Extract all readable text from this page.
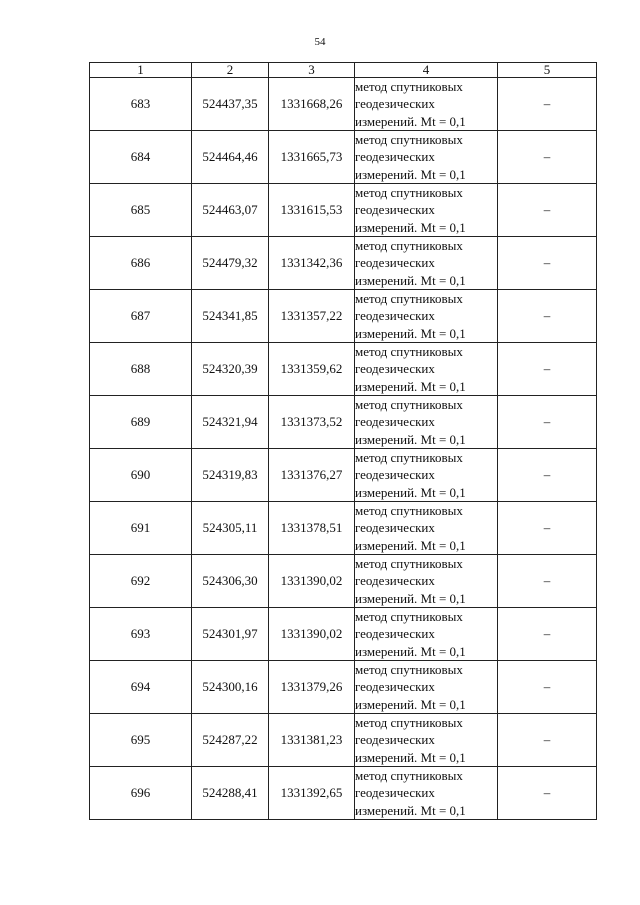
54
1	2	3	4	5
683	524437,35	1331668,26	метод спутниковых
геодезических
измерений. Mt = 0,1	–
684	524464,46	1331665,73	метод спутниковых
геодезических
измерений. Mt = 0,1	–
685	524463,07	1331615,53	метод спутниковых
геодезических
измерений. Mt = 0,1	–
686	524479,32	1331342,36	метод спутниковых
геодезических
измерений. Mt = 0,1	–
687	524341,85	1331357,22	метод спутниковых
геодезических
измерений. Mt = 0,1	–
688	524320,39	1331359,62	метод спутниковых
геодезических
измерений. Mt = 0,1	–
689	524321,94	1331373,52	метод спутниковых
геодезических
измерений. Mt = 0,1	–
690	524319,83	1331376,27	метод спутниковых
геодезических
измерений. Mt = 0,1	–
691	524305,11	1331378,51	метод спутниковых
геодезических
измерений. Mt = 0,1	–
692	524306,30	1331390,02	метод спутниковых
геодезических
измерений. Mt = 0,1	–
693	524301,97	1331390,02	метод спутниковых
геодезических
измерений. Mt = 0,1	–
694	524300,16	1331379,26	метод спутниковых
геодезических
измерений. Mt = 0,1	–
695	524287,22	1331381,23	метод спутниковых
геодезических
измерений. Mt = 0,1	–
696	524288,41	1331392,65	метод спутниковых
геодезических
измерений. Mt = 0,1	–
